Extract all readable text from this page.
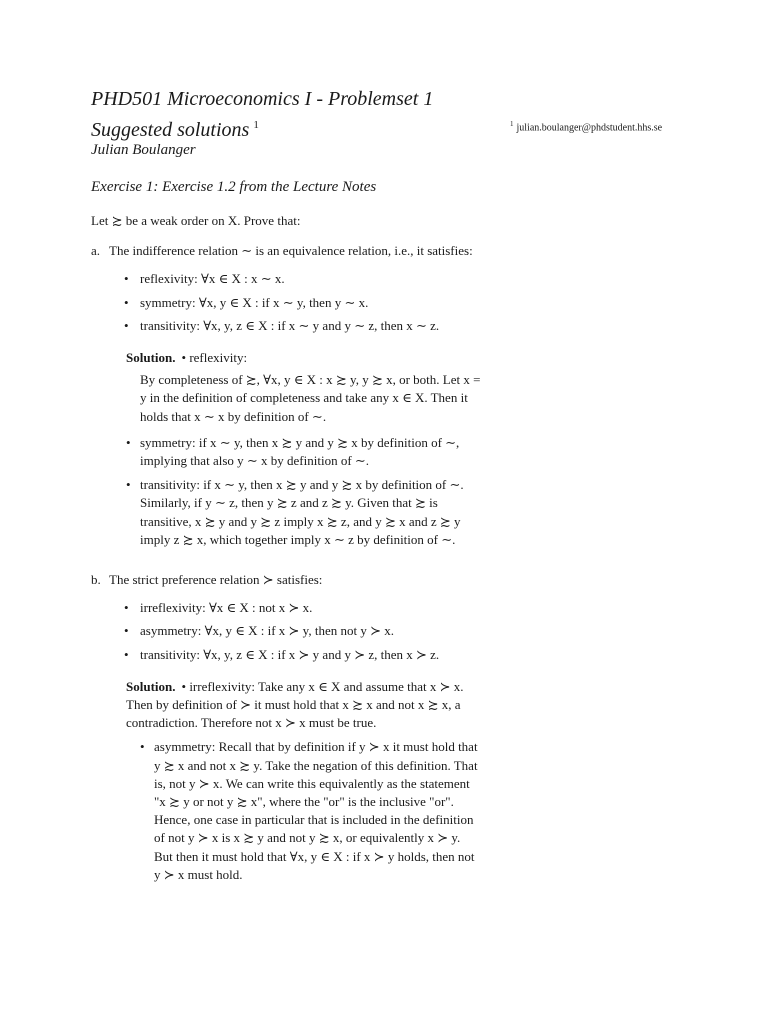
PHD501 Microeconomics I - Problemset 1
Suggested solutions $^1$	$^1$ julian.boulanger@phdstudent.hhs.se
Julian Boulanger
Exercise 1: Exercise 1.2 from the Lecture Notes

Let ≿ be a weak order on X. Prove that:

a. The indifference relation ∼ is an equivalence relation, i.e., it satisfies:
• reflexivity: ∀x ∈ X : x ∼ x.
• symmetry: ∀x, y ∈ X : if x ∼ y, then y ∼ x.
• transitivity: ∀x, y, z ∈ X : if x ∼ y and y ∼ z, then x ∼ z.
Solution. • reflexivity:
By completeness of ≿, ∀x, y ∈ X : x ≿ y, y ≿ x, or both. Let x = y in the definition of completeness and take any x ∈ X. Then it holds that x ∼ x by definition of ∼.
• symmetry: if x ∼ y, then x ≿ y and y ≿ x by definition of ∼, implying that also y ∼ x by definition of ∼.
• transitivity: if x ∼ y, then x ≿ y and y ≿ x by definition of ∼. Similarly, if y ∼ z, then y ≿ z and z ≿ y. Given that ≿ is transitive, x ≿ y and y ≿ z imply x ≿ z, and y ≿ x and z ≿ y imply z ≿ x, which together imply x ∼ z by definition of ∼.
b. The strict preference relation ≻ satisfies:
• irreflexivity: ∀x ∈ X : not x ≻ x.
• asymmetry: ∀x, y ∈ X : if x ≻ y, then not y ≻ x.
• transitivity: ∀x, y, z ∈ X : if x ≻ y and y ≻ z, then x ≻ z.
Solution. • irreflexivity: Take any x ∈ X and assume that x ≻ x. Then by definition of ≻ it must hold that x ≿ x and not x ≿ x, a contradiction. Therefore not x ≻ x must be true.
• asymmetry: Recall that by definition if y ≻ x it must hold that y ≿ x and not x ≿ y. Take the negation of this definition. That is, not y ≻ x. We can write this equivalently as the statement "x ≿ y or not y ≿ x", where the "or" is the inclusive "or". Hence, one case in particular that is included in the definition of not y ≻ x is x ≿ y and not y ≿ x, or equivalently x ≻ y. But then it must hold that ∀x, y ∈ X : if x ≻ y holds, then not y ≻ x must hold.
